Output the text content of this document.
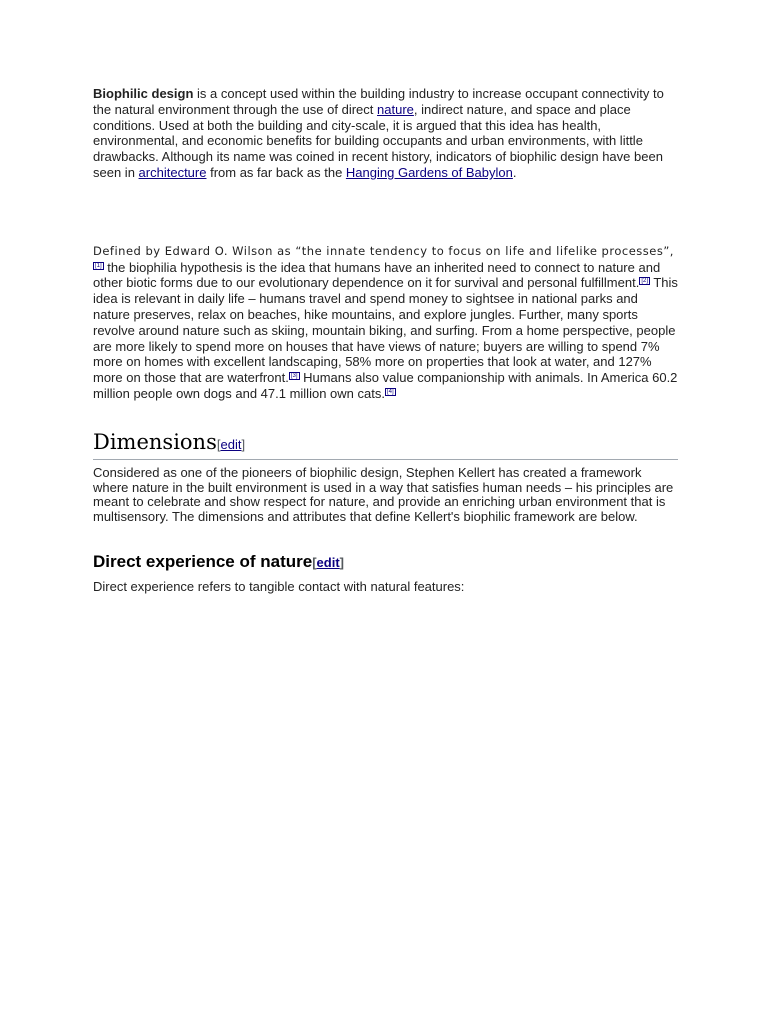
Biophilic design is a concept used within the building industry to increase occupant connectivity to the natural environment through the use of direct nature, indirect nature, and space and place conditions. Used at both the building and city-scale, it is argued that this idea has health, environmental, and economic benefits for building occupants and urban environments, with little drawbacks. Although its name was coined in recent history, indicators of biophilic design have been seen in architecture from as far back as the Hanging Gardens of Babylon.

Defined by Edward O. Wilson as “the innate tendency to focus on life and lifelike processes”,[1] the biophilia hypothesis is the idea that humans have an inherited need to connect to nature and other biotic forms due to our evolutionary dependence on it for survival and personal fulfillment. [2] This idea is relevant in daily life – humans travel and spend money to sightsee in national parks and nature preserves, relax on beaches, hike mountains, and explore jungles. Further, many sports revolve around nature such as skiing, mountain biking, and surfing. From a home perspective, people are more likely to spend more on houses that have views of nature; buyers are willing to spend 7% more on homes with excellent landscaping, 58% more on properties that look at water, and 127% more on those that are waterfront. [3] Humans also value companionship with animals. In America 60.2 million people own dogs and 47.1 million own cats. [4]

Dimensions[edit]

Considered as one of the pioneers of biophilic design, Stephen Kellert has created a framework where nature in the built environment is used in a way that satisfies human needs – his principles are meant to celebrate and show respect for nature, and provide an enriching urban environment that is multisensory. The dimensions and attributes that define Kellert's biophilic framework are below.

Direct experience of nature[edit]

Direct experience refers to tangible contact with natural features:
